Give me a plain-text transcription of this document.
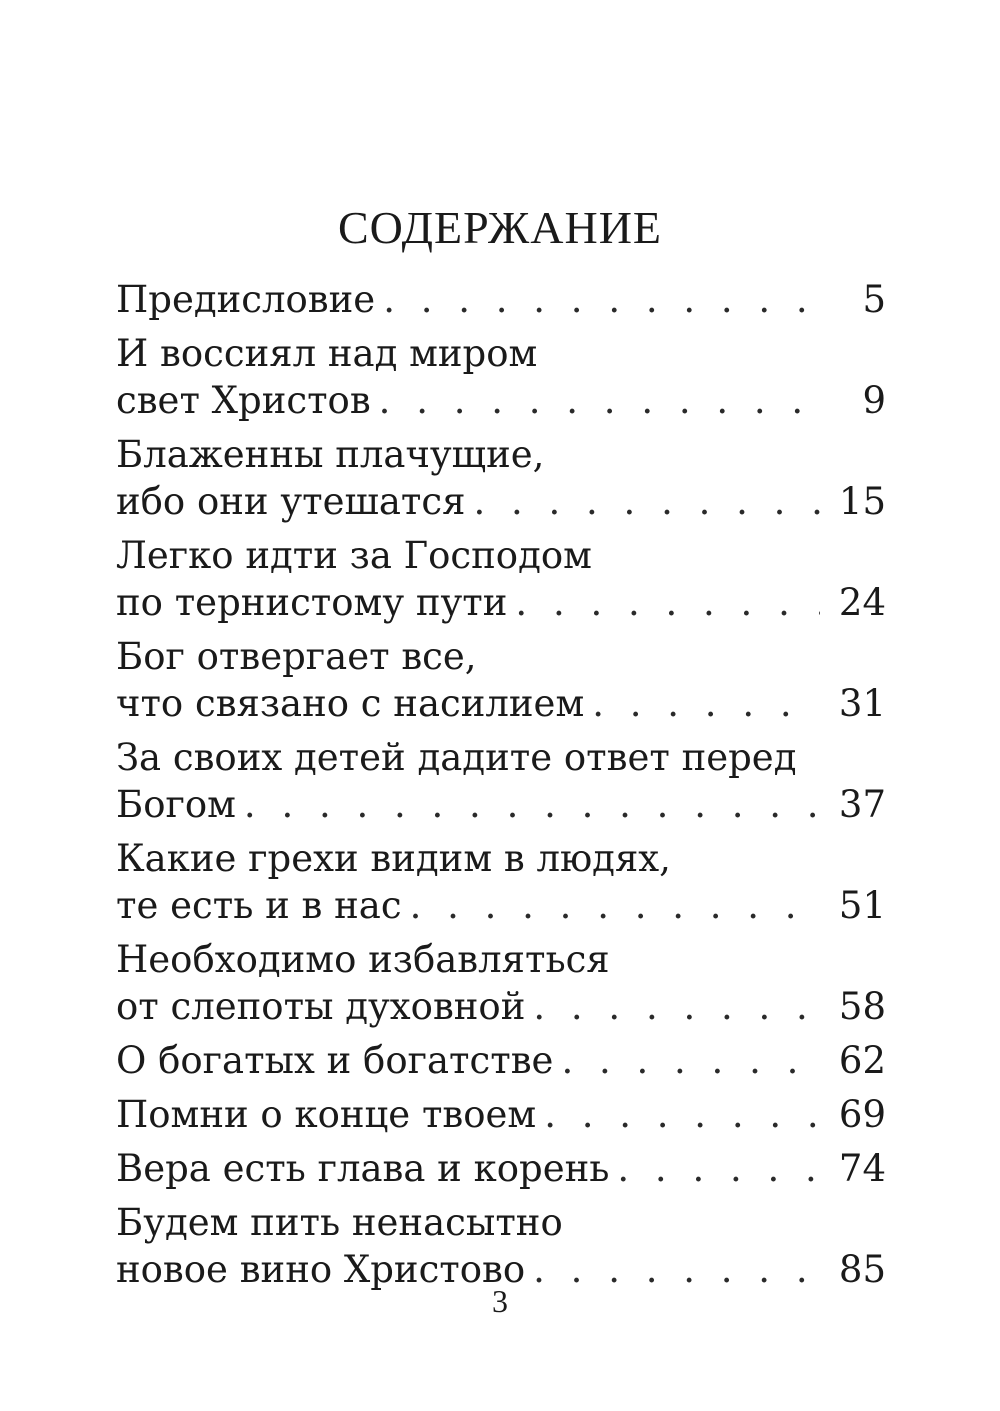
СОДЕРЖАНИЕ
Предисловие . . .	5
И воссиял над миром
свет Христов . . .	9
Блаженны плачущие,
ибо они утешатся . . .	15
Легко идти за Господом
по тернистому пути . . .	24
Бог отвергает все,
что связано с насилием . . .	31
За своих детей дадите ответ перед
Богом . . .	37
Какие грехи видим в людях,
те есть и в нас . . .	51
Необходимо избавляться
от слепоты духовной . . .	58
О богатых и богатстве . . .	62
Помни о конце твоем . . .	69
Вера есть глава и корень . . .	74
Будем пить ненасытно
новое вино Христово . . .	85
3
